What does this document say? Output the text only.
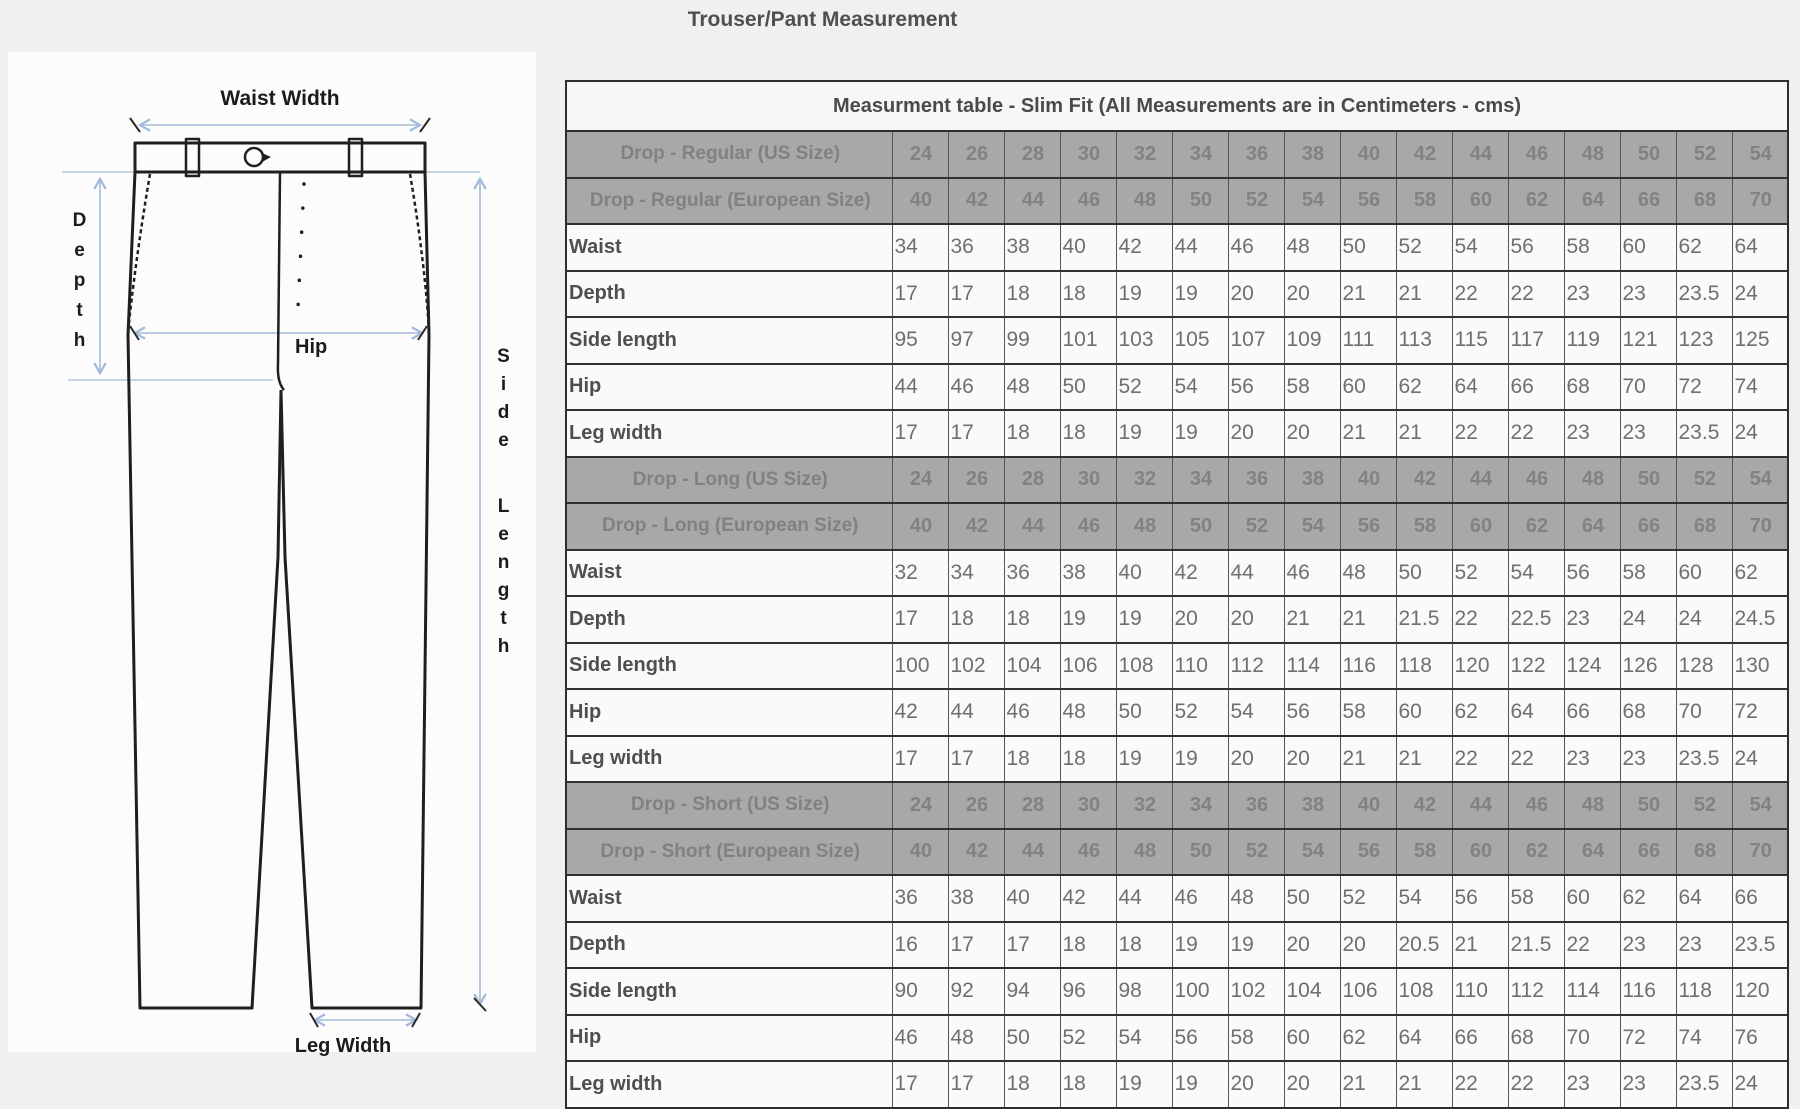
Trouser/Pant Measurement
Waist Width
Depth	Hip	Side Length
Leg Width
Measurment table - Slim Fit (All Measurements are in Centimeters - cms)																
Drop - Regular (US Size)	24	26	28	30	32	34	36	38	40	42	44	46	48	50	52	54
Drop - Regular (European Size)	40	42	44	46	48	50	52	54	56	58	60	62	64	66	68	70
Waist	34	36	38	40	42	44	46	48	50	52	54	56	58	60	62	64
Depth	17	17	18	18	19	19	20	20	21	21	22	22	23	23	23.5	24
Side length	95	97	99	101	103	105	107	109	111	113	115	117	119	121	123	125
Hip	44	46	48	50	52	54	56	58	60	62	64	66	68	70	72	74
Leg width	17	17	18	18	19	19	20	20	21	21	22	22	23	23	23.5	24
Drop - Long (US Size)	24	26	28	30	32	34	36	38	40	42	44	46	48	50	52	54
Drop - Long (European Size)	40	42	44	46	48	50	52	54	56	58	60	62	64	66	68	70
Waist	32	34	36	38	40	42	44	46	48	50	52	54	56	58	60	62
Depth	17	18	18	19	19	20	20	21	21	21.5	22	22.5	23	24	24	24.5
Side length	100	102	104	106	108	110	112	114	116	118	120	122	124	126	128	130
Hip	42	44	46	48	50	52	54	56	58	60	62	64	66	68	70	72
Leg width	17	17	18	18	19	19	20	20	21	21	22	22	23	23	23.5	24
Drop - Short (US Size)	24	26	28	30	32	34	36	38	40	42	44	46	48	50	52	54
Drop - Short (European Size)	40	42	44	46	48	50	52	54	56	58	60	62	64	66	68	70
Waist	36	38	40	42	44	46	48	50	52	54	56	58	60	62	64	66
Depth	16	17	17	18	18	19	19	20	20	20.5	21	21.5	22	23	23	23.5
Side length	90	92	94	96	98	100	102	104	106	108	110	112	114	116	118	120
Hip	46	48	50	52	54	56	58	60	62	64	66	68	70	72	74	76
Leg width	17	17	18	18	19	19	20	20	21	21	22	22	23	23	23.5	24
